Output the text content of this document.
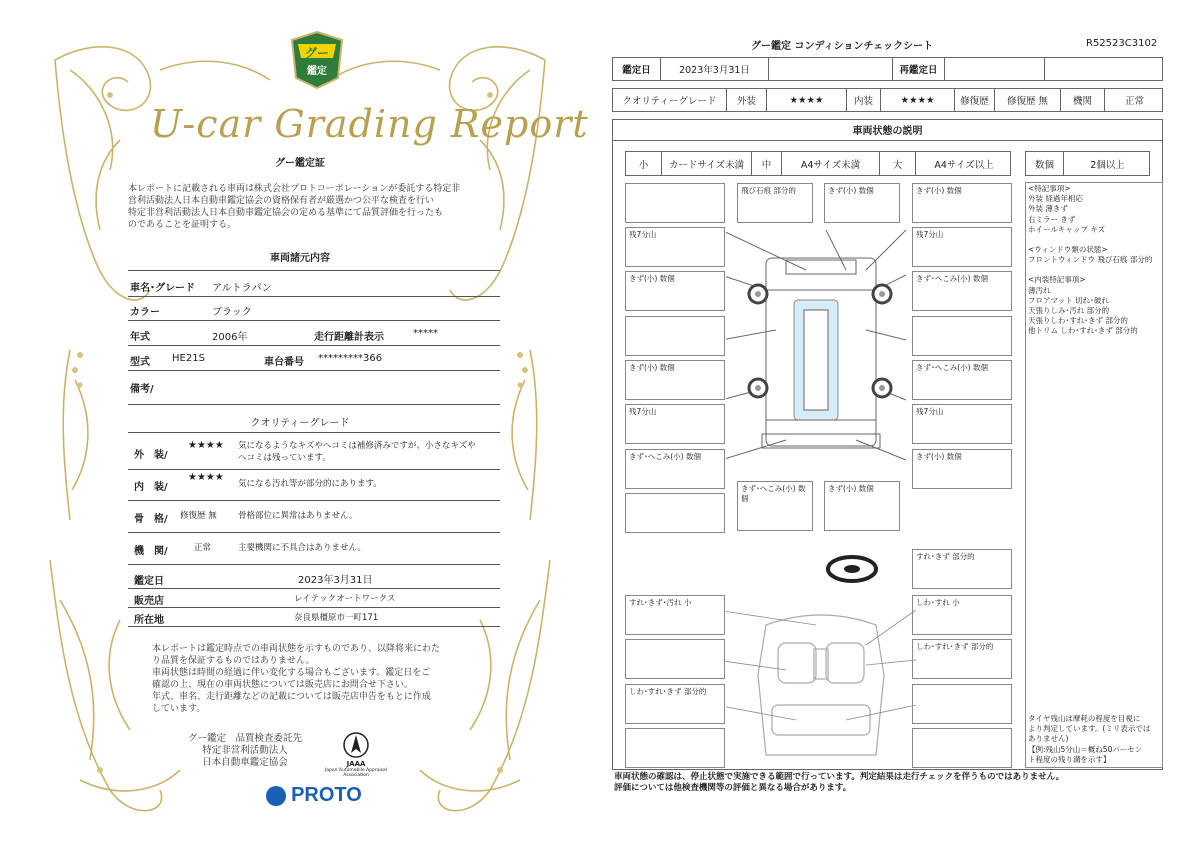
グー
鑑定
U-car Grading Report
グー鑑定証
本レポートに記載される車両は株式会社プロトコーポレーションが委託する特定非
営利活動法人日本自動車鑑定協会の資格保有者が厳選かつ公平な検査を行い
特定非営利活動法人日本自動車鑑定協会の定める基準にて品質評価を行ったも
のであることを証明する。
車両諸元内容
車名･グレード アルトラパン
カラー	ブラック
年式	2006年	走行距離計表示	*****
型式 HE21S	車台番号 *********366
備考/
クオリティーグレード
外　装/
★★★★ 気になるようなキズやヘコミは補修済みですが、小さなキズや
ヘコミは残っています。
内　装/
★★★★
気になる汚れ等が部分的にあります。
骨　格/ 修復歴 無	骨格部位に異常はありません。
機　関/	正常	主要機関に不具合はありません。
鑑定日	2023年3月31日
販売店	レイテックオートワークス
所在地	奈良県橿原市一町171
本レポートは鑑定時点での車両状態を示すものであり、以降将来にわた
り品質を保証するものではありません。
車両状態は時間の経過に伴い変化する場合もございます。鑑定日をご
確認の上、現在の車両状態については販売店にお問合せ下さい。
年式、車名、走行距離などの記載については販売店申告をもとに作成
しています。
グー鑑定　品質検査委託先
特定非営利活動法人
日本自動車鑑定協会	JAAA
Japan Automobile Appraisal Association
PROTO
グー鑑定 コンディションチェックシート	R52523C3102
鑑定日	2023年3月31日	再鑑定日
クオリティーグレード	外装	★★★★	内装	★★★★	修復歴	修復歴 無	機関	正常
車両状態の説明
小	カードサイズ未満	中	A4サイズ未満	大	A4サイズ以上	数個	2個以上
<特記事項>
外装 経過年相応
外装 薄きず
右ミラー きず
ホイールキャップ キズ
<ウィンドウ類の状態>
フロントウィンドウ 飛び石痕 部分的
<内装特記事項>
薄汚れ
フロアマット 切れ･破れ
天張りしみ･汚れ 部分的
天張りしわ･すれ･きず 部分的
他トリム しわ･すれ･きず 部分的
タイヤ残山は摩耗の程度を目視に
より判定しています。(ミリ表示では
ありません)
【例:残山5分山＝概ね50パーセン
ト程度の残り溝を示す】
残7分山
きず(小) 数個
きず(小) 数個
残7分山
きず･へこみ(小) 数個
飛び石痕 部分的	きず(小) 数個	きず(小) 数個
残7分山
きず･へこみ(小) 数個
きず･へこみ(小) 数個
残7分山
きず(小) 数個
きず･へこみ(小) 数個
きず(小) 数個
すれ･きず 部分的
すれ･きず･汚れ 小	しわ･すれ 小
しわ･すれ･きず 部分的
しわ･すれ･きず 部分的
車両状態の確認は、停止状態で実施できる範囲で行っています。判定結果は走行チェックを伴うものではありません。
評価については他検査機関等の評価と異なる場合があります。
